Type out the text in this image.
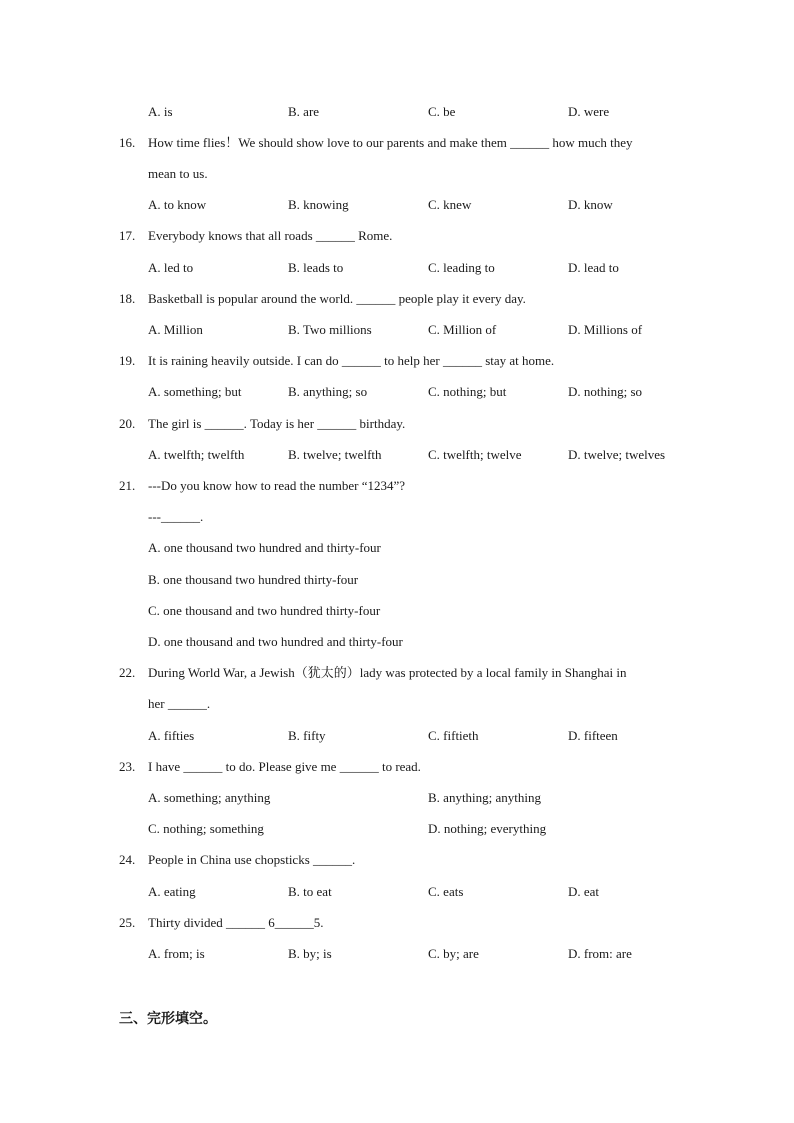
A. is	B. are	C. be	D. were
16. How time flies！We should show love to our parents and make them ______ how much they
mean to us.
A. to know	B. knowing	C. knew	D. know
17. Everybody knows that all roads ______ Rome.
A. led to	B. leads to	C. leading to	D. lead to
18. Basketball is popular around the world. ______ people play it every day.
A. Million	B. Two millions	C. Million of	D. Millions of
19. It is raining heavily outside. I can do ______ to help her ______ stay at home.
A. something; but	B. anything; so	C. nothing; but	D. nothing; so
20. The girl is ______. Today is her ______ birthday.
A. twelfth; twelfth	B. twelve; twelfth	C. twelfth; twelve	D. twelve; twelves
21. ---Do you know how to read the number “1234”?
---______.
A. one thousand two hundred and thirty-four
B. one thousand two hundred thirty-four
C. one thousand and two hundred thirty-four
D. one thousand and two hundred and thirty-four
22. During World War, a Jewish（犹太的）lady was protected by a local family in Shanghai in
her ______.
A. fifties	B. fifty	C. fiftieth	D. fifteen
23. I have ______ to do. Please give me ______ to read.
A. something; anything	B. anything; anything
C. nothing; something	D. nothing; everything
24. People in China use chopsticks ______.
A. eating	B. to eat	C. eats	D. eat
25. Thirty divided ______ 6______5.
A. from; is	B. by; is	C. by; are	D. from: are
三、完形填空。
